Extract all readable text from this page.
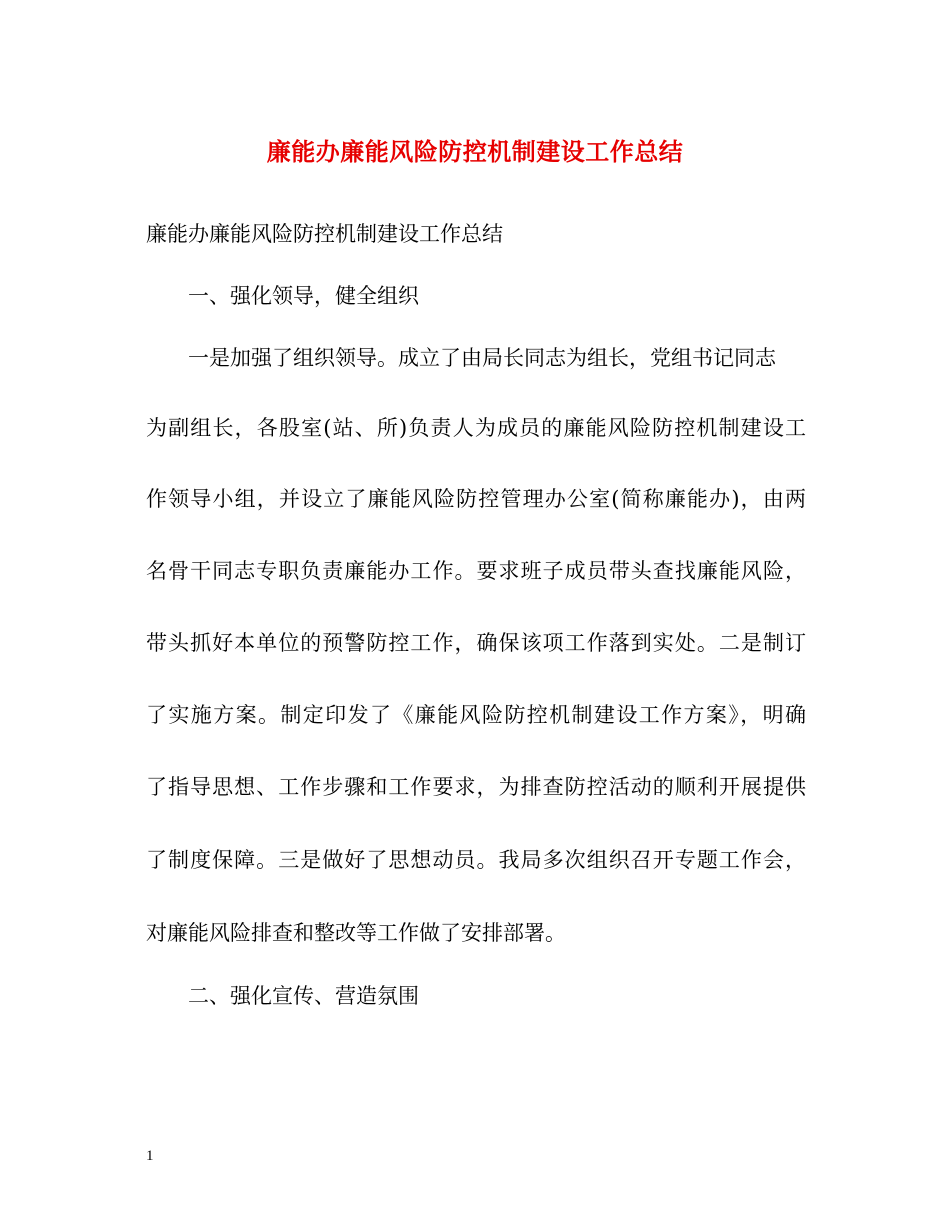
廉能办廉能风险防控机制建设工作总结
廉能办廉能风险防控机制建设工作总结
一、强化领导，健全组织
一是加强了组织领导。成立了由局长同志为组长，党组书记同志
为副组长，各股室(站、所)负责人为成员的廉能风险防控机制建设工
作领导小组，并设立了廉能风险防控管理办公室(简称廉能办)，由两
名骨干同志专职负责廉能办工作。要求班子成员带头查找廉能风险，
带头抓好本单位的预警防控工作，确保该项工作落到实处。二是制订
了实施方案。制定印发了《廉能风险防控机制建设工作方案》，明确
了指导思想、工作步骤和工作要求，为排查防控活动的顺利开展提供
了制度保障。三是做好了思想动员。我局多次组织召开专题工作会，
对廉能风险排查和整改等工作做了安排部署。
二、强化宣传、营造氛围
1
